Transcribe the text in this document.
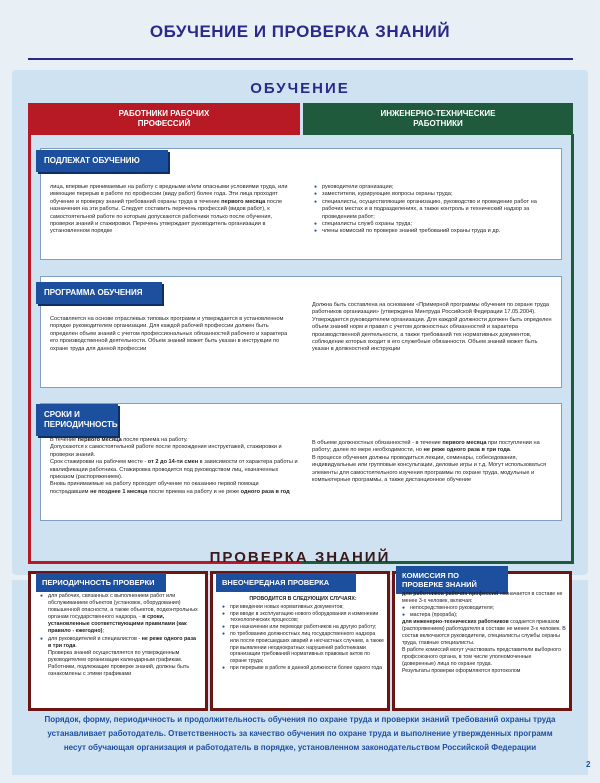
ОБУЧЕНИЕ И ПРОВЕРКА ЗНАНИЙ
ОБУЧЕНИЕ
РАБОТНИКИ РАБОЧИХ ПРОФЕССИЙ
ИНЖЕНЕРНО-ТЕХНИЧЕСКИЕ РАБОТНИКИ
ПОДЛЕЖАТ ОБУЧЕНИЮ
лица, впервые принимаемые на работу с вредными и/или опасными условиями труда, или имеющие перерыв в работе по профессии (виду работ) более года. Эти лица проходят обучение и проверку знаний требований охраны труда в течение первого месяца после назначения на эти работы. Следует составить перечень профессий (видов работ), к самостоятельной работе по которым допускаются работники только после обучения, проверки знаний и стажировки. Перечень утверждает руководитель организации в установленном порядке
● руководители организации;
● заместители, курирующие вопросы охраны труда;
● специалисты, осуществляющие организацию, руководство и проведение работ на рабочих местах и в подразделениях, а также контроль и технический надзор за проведением работ;
● специалисты служб охраны труда;
● члены комиссий по проверке знаний требований охраны труда и др.
ПРОГРАММА ОБУЧЕНИЯ
Составляется на основе отраслевых типовых программ и утверждается в установленном порядке руководителем организации. Для каждой рабочей профессии должен быть определен объем знаний с учетом профессиональных обязанностей рабочего и характера его производственной деятельности. Объем знаний может быть указан в инструкции по охране труда для данной профессии
Должна быть составлена на основании «Примерной программы обучения по охране труда работников организации» (утверждена Минтруда Российской Федерации 17.05.2004). Утверждается руководителем организации. Для каждой должности должен быть определен объем знаний норм и правил с учетом должностных обязанностей и характера производственной деятельности, а также требований тех нормативных документов, соблюдение которых входит в его служебные обязанности. Объем знаний может быть указан в должностной инструкции
СРОКИ И ПЕРИОДИЧНОСТЬ
В течение первого месяца после приема на работу.
Допускаются к самостоятельной работе после прохождения инструктажей, стажировки и проверки знаний.
Срок стажировки на рабочем месте - от 2 до 14-ти смен в зависимости от характера работы и квалификации работника. Стажировка проводится под руководством лиц, назначенных приказом (распоряжением).
Вновь принимаемые на работу проходят обучение по оказанию первой помощи пострадавшим не позднее 1 месяца после приема на работу и не реже одного раза в год
В объеме должностных обязанностей - в течение первого месяца при поступлении на работу; далее по мере необходимости, но не реже одного раза в три года.
В процессе обучения должны проводиться лекции, семинары, собеседования, индивидуальные или групповые консультации, деловые игры и т.д. Могут использоваться элементы для самостоятельного изучения программы по охране труда, модульные и компьютерные программы, а также дистанционное обучение
ПРОВЕРКА ЗНАНИЙ
ПЕРИОДИЧНОСТЬ ПРОВЕРКИ
● для рабочих, связанных с выполнением работ или обслуживанием объектов (установок, оборудования) повышенной опасности, а также объектов, подконтрольных органам государственного надзора, - в сроки, установленные соответствующими правилами (как правило - ежегодно);
● для руководителей и специалистов - не реже одного раза в три года.
Проверка знаний осуществляется по утвержденным руководителем организации календарным графикам. Работники, подлежащие проверке знаний, должны быть ознакомлены с этими графиками
ВНЕОЧЕРЕДНАЯ ПРОВЕРКА
ПРОВОДИТСЯ В СЛЕДУЮЩИХ СЛУЧАЯХ:
● при введении новых нормативных документов;
● при вводе в эксплуатацию нового оборудования и изменении технологических процессов;
● при назначении или переводе работников на другую работу;
● по требованию должностных лиц государственного надзора или после происшедших аварий и несчастных случаев, а также при выявлении неоднократных нарушений работниками организации требований нормативных правовых актов по охране труда;
● при перерыве в работе в данной должности более одного года
КОМИССИЯ ПО ПРОВЕРКЕ ЗНАНИЙ
для работников рабочих профессий назначается в составе не менее 3-х человек, включая:
● непосредственного руководителя;
● мастера (прораба);
для инженерно-технических работников создается приказом (распоряжением) работодателя в составе не менее 3-х человек. В состав включаются руководители, специалисты службы охраны труда, главные специалисты.
В работе комиссий могут участвовать представители выборного профсоюзного органа, в том числе уполномоченные (доверенные) лица по охране труда.
Результаты проверки оформляются протоколом
Порядок, форму, периодичность и продолжительность обучения по охране труда и проверки знаний требований охраны труда
устанавливает работодатель. Ответственность за качество обучения по охране труда и выполнение утвержденных программ
несут обучающая организация и работодатель в порядке, установленном законодательством Российской Федерации
2
